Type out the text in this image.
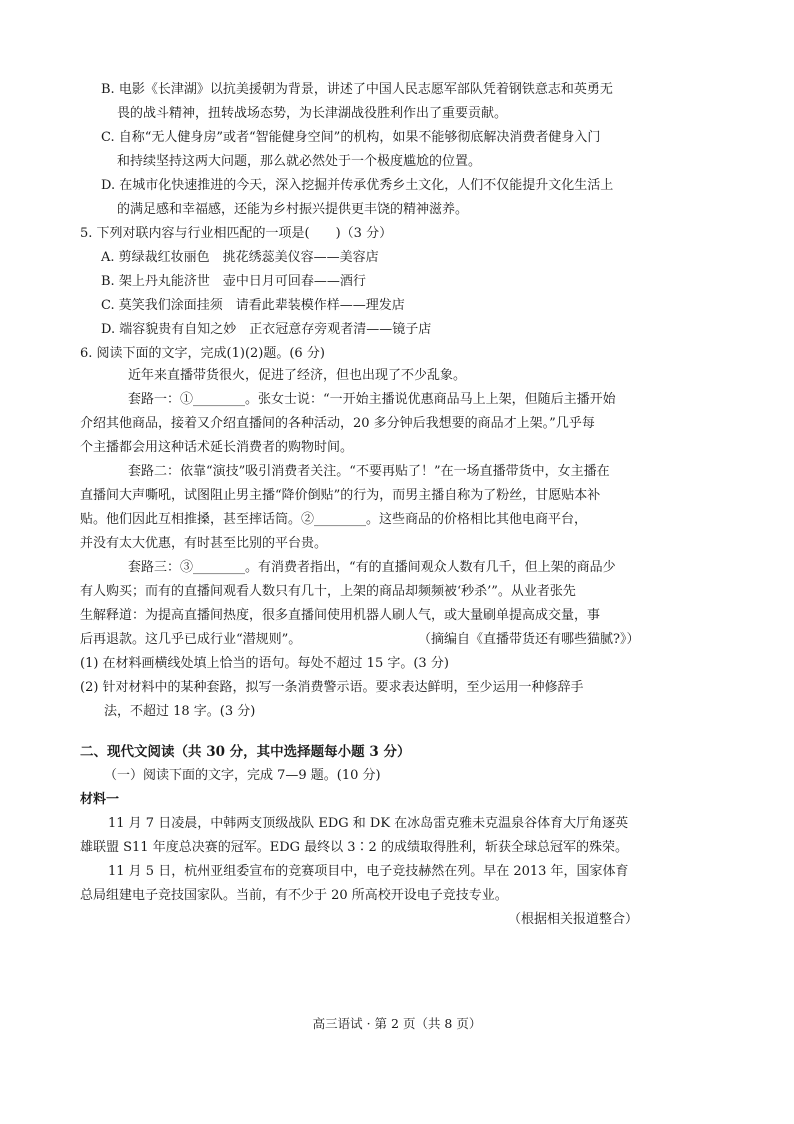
B. 电影《长津湖》以抗美援朝为背景，讲述了中国人民志愿军部队凭着钢铁意志和英勇无
畏的战斗精神，扭转战场态势，为长津湖战役胜利作出了重要贡献。
C. 自称“无人健身房”或者“智能健身空间”的机构，如果不能够彻底解决消费者健身入门
和持续坚持这两大问题，那么就必然处于一个极度尴尬的位置。
D. 在城市化快速推进的今天，深入挖掘并传承优秀乡土文化，人们不仅能提升文化生活上
的满足感和幸福感，还能为乡村振兴提供更丰饶的精神滋养。
5. 下列对联内容与行业相匹配的一项是(　　)（3 分）
A. 剪绿裁红妆丽色　挑花绣蕊美仪容——美容店
B. 架上丹丸能济世　壶中日月可回春——酒行
C. 莫笑我们涂面挂须　请看此辈装模作样——理发店
D. 端容貌贵有自知之妙　正衣冠意存旁观者清——镜子店
6. 阅读下面的文字，完成(1)(2)题。(6 分)
近年来直播带货很火，促进了经济，但也出现了不少乱象。
套路一：①________。张女士说：“一开始主播说优惠商品马上上架，但随后主播开始
介绍其他商品，接着又介绍直播间的各种活动，20 多分钟后我想要的商品才上架。”几乎每
个主播都会用这种话术延长消费者的购物时间。
套路二：依靠“演技”吸引消费者关注。“不要再贴了！”在一场直播带货中，女主播在
直播间大声嘶吼，试图阻止男主播“降价倒贴”的行为，而男主播自称为了粉丝，甘愿贴本补
贴。他们因此互相推搡，甚至摔话筒。②________。这些商品的价格相比其他电商平台，
并没有太大优惠，有时甚至比别的平台贵。
套路三：③________。有消费者指出，“有的直播间观众人数有几千，但上架的商品少
有人购买；而有的直播间观看人数只有几十，上架的商品却频频被‘秒杀’”。从业者张先
生解释道：为提高直播间热度，很多直播间使用机器人刷人气，或大量刷单提高成交量，事
后再退款。这几乎已成行业“潜规则”。	（摘编自《直播带货还有哪些猫腻?》）
(1) 在材料画横线处填上恰当的语句。每处不超过 15 字。(3 分)
(2) 针对材料中的某种套路，拟写一条消费警示语。要求表达鲜明，至少运用一种修辞手
法，不超过 18 字。(3 分)
二、现代文阅读（共 30 分，其中选择题每小题 3 分）
（一）阅读下面的文字，完成 7—9 题。(10 分)
材料一
11 月 7 日凌晨，中韩两支顶级战队 EDG 和 DK 在冰岛雷克雅未克温泉谷体育大厅角逐英
雄联盟 S11 年度总决赛的冠军。EDG 最终以 3∶2 的成绩取得胜利，斩获全球总冠军的殊荣。
11 月 5 日，杭州亚组委宣布的竞赛项目中，电子竞技赫然在列。早在 2013 年，国家体育
总局组建电子竞技国家队。当前，有不少于 20 所高校开设电子竞技专业。
（根据相关报道整合）
高三语试 · 第 2 页（共 8 页）
